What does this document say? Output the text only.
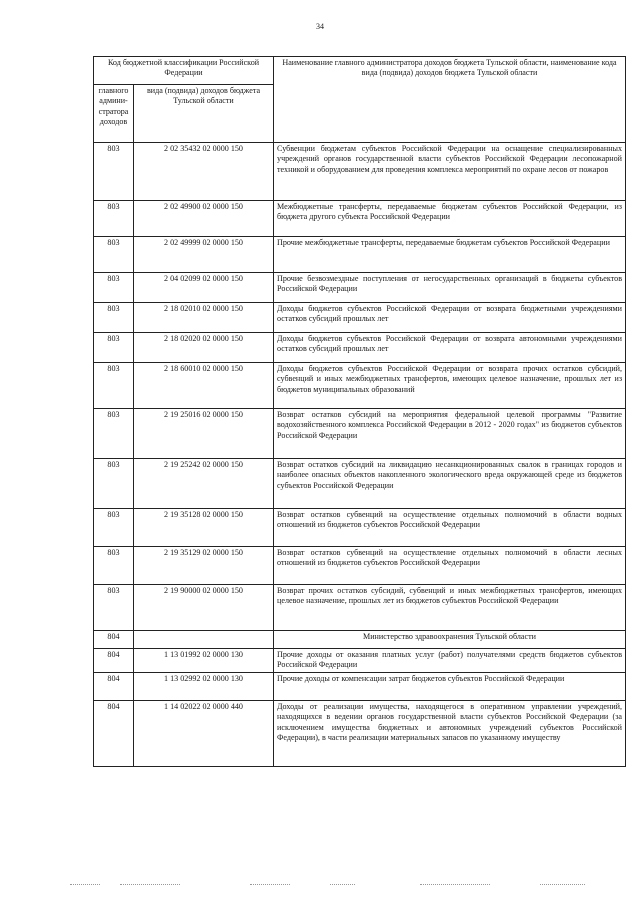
34
Код бюджетной классификации Российской Федерации		Наименование главного администратора доходов бюджета Тульской области, наименование кода вида (подвида) доходов бюджета Тульской области
главного админи-стратора доходов	вида (подвида) доходов бюджета Тульской области	
803	2 02 35432 02 0000 150	Субвенции бюджетам субъектов Российской Федерации на оснащение специализированных учреждений органов государственной власти субъектов Российской Федерации лесопожарной техникой и оборудованием для проведения комплекса мероприятий по охране лесов от пожаров
803	2 02 49900 02 0000 150	Межбюджетные трансферты, передаваемые бюджетам субъектов Российской Федерации, из бюджета другого субъекта Российской Федерации
803	2 02 49999 02 0000 150	Прочие межбюджетные трансферты, передаваемые бюджетам субъектов Российской Федерации
803	2 04 02099 02 0000 150	Прочие безвозмездные поступления от негосударственных организаций в бюджеты субъектов Российской Федерации
803	2 18 02010 02 0000 150	Доходы бюджетов субъектов Российской Федерации от возврата бюджетными учреждениями остатков субсидий прошлых лет
803	2 18 02020 02 0000 150	Доходы бюджетов субъектов Российской Федерации от возврата автономными учреждениями остатков субсидий прошлых лет
803	2 18 60010 02 0000 150	Доходы бюджетов субъектов Российской Федерации от возврата прочих остатков субсидий, субвенций и иных межбюджетных трансфертов, имеющих целевое назначение, прошлых лет из бюджетов муниципальных образований
803	2 19 25016 02 0000 150	Возврат остатков субсидий на мероприятия федеральной целевой программы "Развитие водохозяйственного комплекса Российской Федерации в 2012 - 2020 годах" из бюджетов субъектов Российской Федерации
803	2 19 25242 02 0000 150	Возврат остатков субсидий на ликвидацию несанкционированных свалок в границах городов и наиболее опасных объектов накопленного экологического вреда окружающей среде из бюджетов субъектов Российской Федерации
803	2 19 35128 02 0000 150	Возврат остатков субвенций на осуществление отдельных полномочий в области водных отношений из бюджетов субъектов Российской Федерации
803	2 19 35129 02 0000 150	Возврат остатков субвенций на осуществление отдельных полномочий в области лесных отношений из бюджетов субъектов Российской Федерации
803	2 19 90000 02 0000 150	Возврат прочих остатков субсидий, субвенций и иных межбюджетных трансфертов, имеющих целевое назначение, прошлых лет из бюджетов субъектов Российской Федерации
804		Министерство здравоохранения Тульской области
804	1 13 01992 02 0000 130	Прочие доходы от оказания платных услуг (работ) получателями средств бюджетов субъектов Российской Федерации
804	1 13 02992 02 0000 130	Прочие доходы от компенсации затрат бюджетов субъектов Российской Федерации
804	1 14 02022 02 0000 440	Доходы от реализации имущества, находящегося в оперативном управлении учреждений, находящихся в ведении органов государственной власти субъектов Российской Федерации (за исключением имущества бюджетных и автономных учреждений субъектов Российской Федерации), в части реализации материальных запасов по указанному имуществу
